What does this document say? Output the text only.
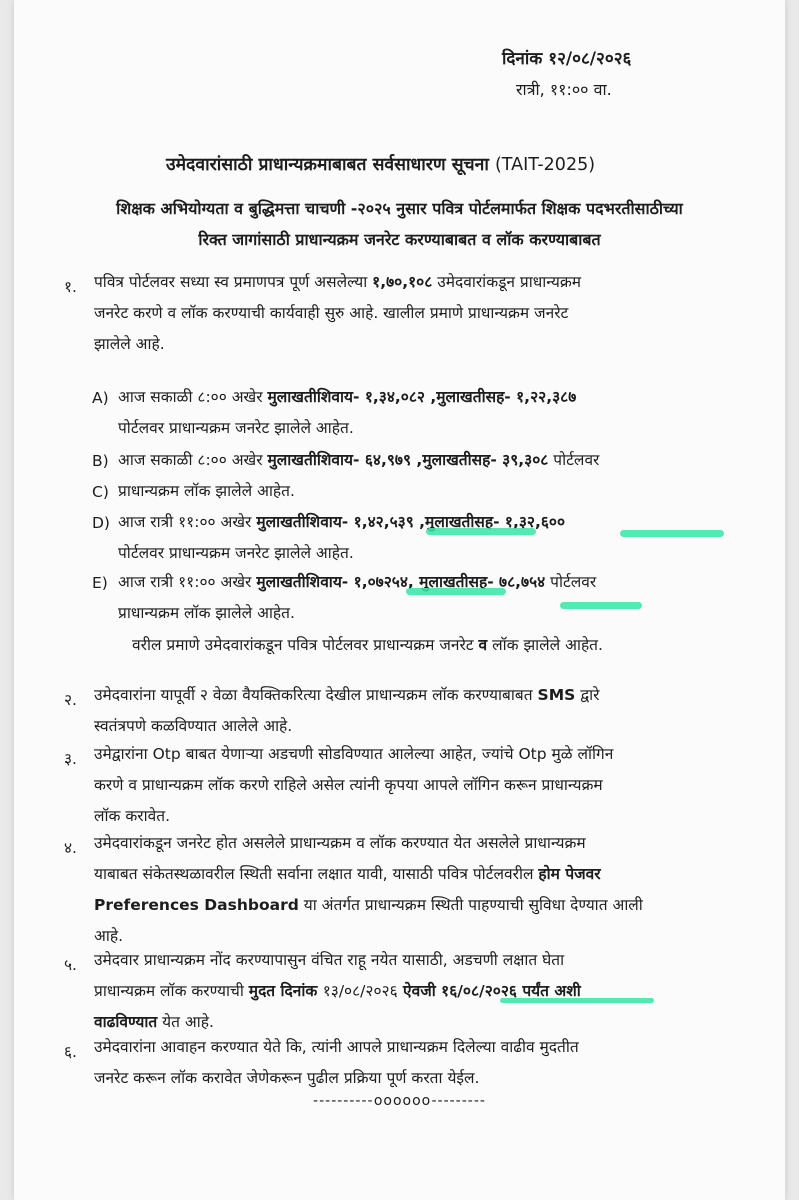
दिनांक १२/०८/२०२६
रात्री, ११:०० वा.
उमेदवारांसाठी प्राधान्यक्रमाबाबत सर्वसाधारण सूचना (TAIT-2025)
शिक्षक अभियोग्यता व बुद्धिमत्ता चाचणी -२०२५ नुसार पवित्र पोर्टलमार्फत शिक्षक पदभरतीसाठीच्या
रिक्त जागांसाठी प्राधान्यक्रम जनरेट करण्याबाबत व लॉक करण्याबाबत
१. पवित्र पोर्टलवर सध्या स्व प्रमाणपत्र पूर्ण असलेल्या १,७०,१०८ उमेदवारांकडून प्राधान्यक्रम
जनरेट करणे व लॉक करण्याची कार्यवाही सुरु आहे. खालील प्रमाणे प्राधान्यक्रम जनरेट
झालेले आहे.
A) आज सकाळी ८:०० अखेर मुलाखतीशिवाय- १,३४,०८२ ,मुलाखतीसह- १,२२,३८७
पोर्टलवर प्राधान्यक्रम जनरेट झालेले आहेत.
B) आज सकाळी ८:०० अखेर मुलाखतीशिवाय- ६४,९७९ ,मुलाखतीसह- ३९,३०८ पोर्टलवर
C) प्राधान्यक्रम लॉक झालेले आहेत.
D) आज रात्री ११:०० अखेर मुलाखतीशिवाय- १,४२,५३९ ,मुलाखतीसह- १,३२,६००
पोर्टलवर प्राधान्यक्रम जनरेट झालेले आहेत.
E) आज रात्री ११:०० अखेर मुलाखतीशिवाय- १,०७२५४, मुलाखतीसह- ७८,७५४ पोर्टलवर
प्राधान्यक्रम लॉक झालेले आहेत.
वरील प्रमाणे उमेदवारांकडून पवित्र पोर्टलवर प्राधान्यक्रम जनरेट व लॉक झालेले आहेत.
२. उमेदवारांना यापूर्वी २ वेळा वैयक्तिकरित्या देखील प्राधान्यक्रम लॉक करण्याबाबत SMS द्वारे
स्वतंत्रपणे कळविण्यात आलेले आहे.
३. उमेद्वारांना Otp बाबत येणाऱ्या अडचणी सोडविण्यात आलेल्या आहेत, ज्यांचे Otp मुळे लॉगिन
करणे व प्राधान्यक्रम लॉक करणे राहिले असेल त्यांनी कृपया आपले लॉगिन करून प्राधान्यक्रम
लॉक करावेत.
४. उमेदवारांकडून जनरेट होत असलेले प्राधान्यक्रम व लॉक करण्यात येत असलेले प्राधान्यक्रम
याबाबत संकेतस्थळावरील स्थिती सर्वाना लक्षात यावी, यासाठी पवित्र पोर्टलवरील होम पेजवर
Preferences Dashboard या अंतर्गत प्राधान्यक्रम स्थिती पाहण्याची सुविधा देण्यात आली
आहे.
५. उमेदवार प्राधान्यक्रम नोंद करण्यापासुन वंचित राहू नयेत यासाठी, अडचणी लक्षात घेता
प्राधान्यक्रम लॉक करण्याची मुदत दिनांक १३/०८/२०२६ ऐवजी १६/०८/२०२६ पर्यंत अशी
वाढविण्यात येत आहे.
६. उमेदवारांना आवाहन करण्यात येते कि, त्यांनी आपले प्राधान्यक्रम दिलेल्या वाढीव मुदतीत
जनरेट करून लॉक करावेत जेणेकरून पुढील प्रक्रिया पूर्ण करता येईल.
----------oooooo---------
